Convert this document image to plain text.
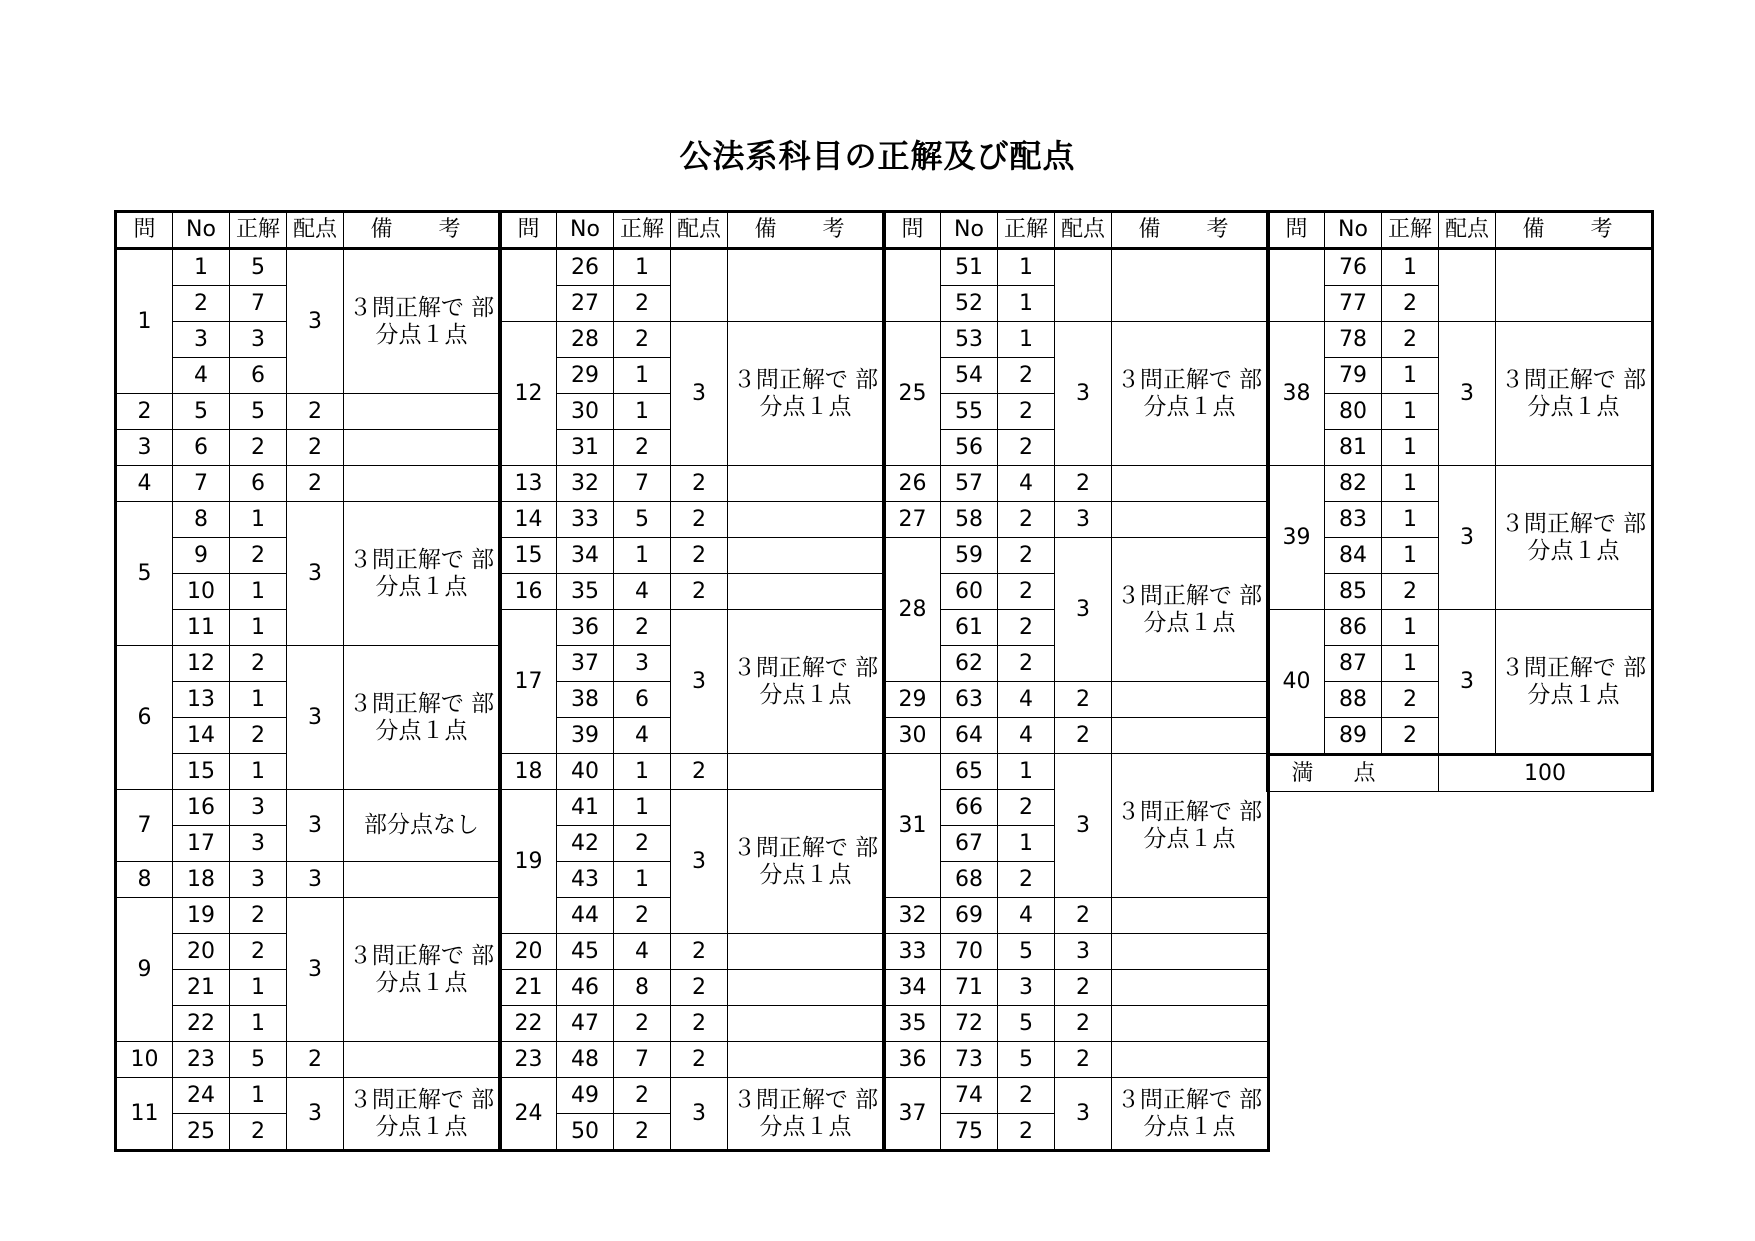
公法系科目の正解及び配点
問	No	正解	配点	備　考
1	1	5	3	３問正解で 部分点１点
	2	7		
	3	3		
	4	6		
2	5	5	2	
3	6	2	2	
4	7	6	2	
5	8	1	3	３問正解で 部分点１点
	9	2		
	10	1		
	11	1		
6	12	2	3	３問正解で 部分点１点
	13	1		
	14	2		
	15	1		
7	16	3	3	部分点なし
	17	3		
8	18	3	3	
9	19	2	3	３問正解で 部分点１点
	20	2		
	21	1		
	22	1		
10	23	5	2	
11	24	1	3	３問正解で 部分点１点
	25	2		
問	No	正解	配点	備　考
	26	1		
	27	2		
12	28	2	3	３問正解で 部分点１点
	29	1		
	30	1		
	31	2		
13	32	7	2	
14	33	5	2	
15	34	1	2	
16	35	4	2	
17	36	2	3	３問正解で 部分点１点
	37	3		
	38	6		
	39	4		
18	40	1	2	
19	41	1	3	３問正解で 部分点１点
	42	2		
	43	1		
	44	2		
20	45	4	2	
21	46	8	2	
22	47	2	2	
23	48	7	2	
24	49	2	3	３問正解で 部分点１点
	50	2		
問	No	正解	配点	備　考
	51	1		
	52	1		
25	53	1	3	３問正解で 部分点１点
	54	2		
	55	2		
	56	2		
26	57	4	2	
27	58	2	3	
28	59	2	3	３問正解で 部分点１点
	60	2		
	61	2		
	62	2		
29	63	4	2	
30	64	4	2	
31	65	1	3	３問正解で 部分点１点
	66	2		
	67	1		
	68	2		
32	69	4	2	
33	70	5	3	
34	71	3	2	
35	72	5	2	
36	73	5	2	
37	74	2	3	３問正解で 部分点１点
	75	2		
問	No	正解	配点	備　考
	76	1		
	77	2		
38	78	2	3	３問正解で 部分点１点
	79	1		
	80	1		
	81	1		
39	82	1	3	３問正解で 部分点１点
	83	1		
	84	1		
	85	2		
40	86	1	3	３問正解で 部分点１点
	87	1		
	88	2		
	89	2		
満点			100	
